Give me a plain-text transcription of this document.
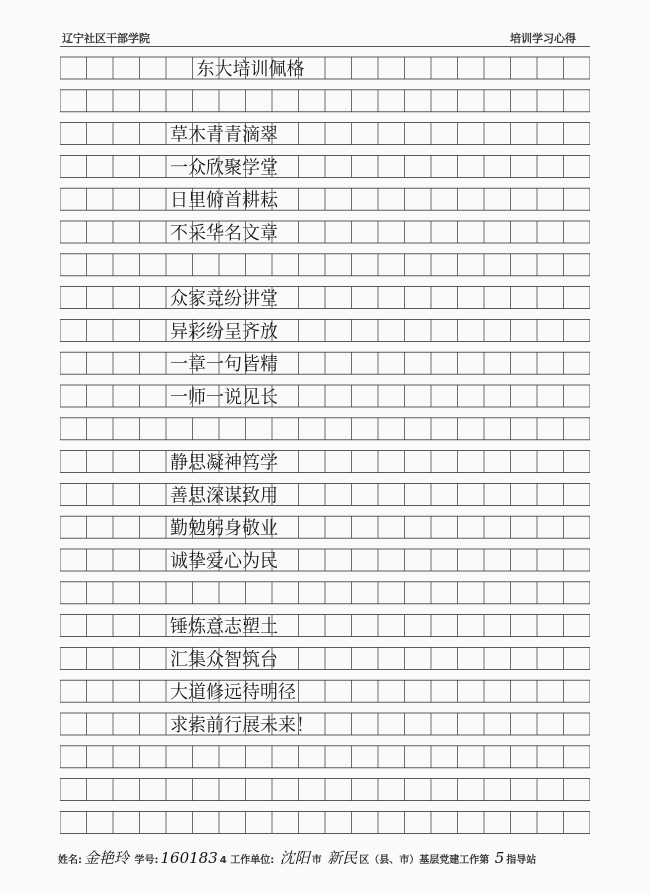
辽宁社区干部学院	培训学习心得
东大培训佩格
草木青青滴翠
一众欣聚学堂
日里俯首耕耘
不采华名文章
众家竞纷讲堂
异彩纷呈齐放
一章一句皆精
一师一说见长
静思凝神笃学
善思深谋致用
勤勉躬身敬业
诚挚爱心为民
锤炼意志塑土
汇集众智筑台
大道修远待明径
求索前行展未来！
姓名: 金艳玲 学号: 160183 4 工作单位: 沈阳 市 新民 区（县、市）基层党建工作第 5 指导站
